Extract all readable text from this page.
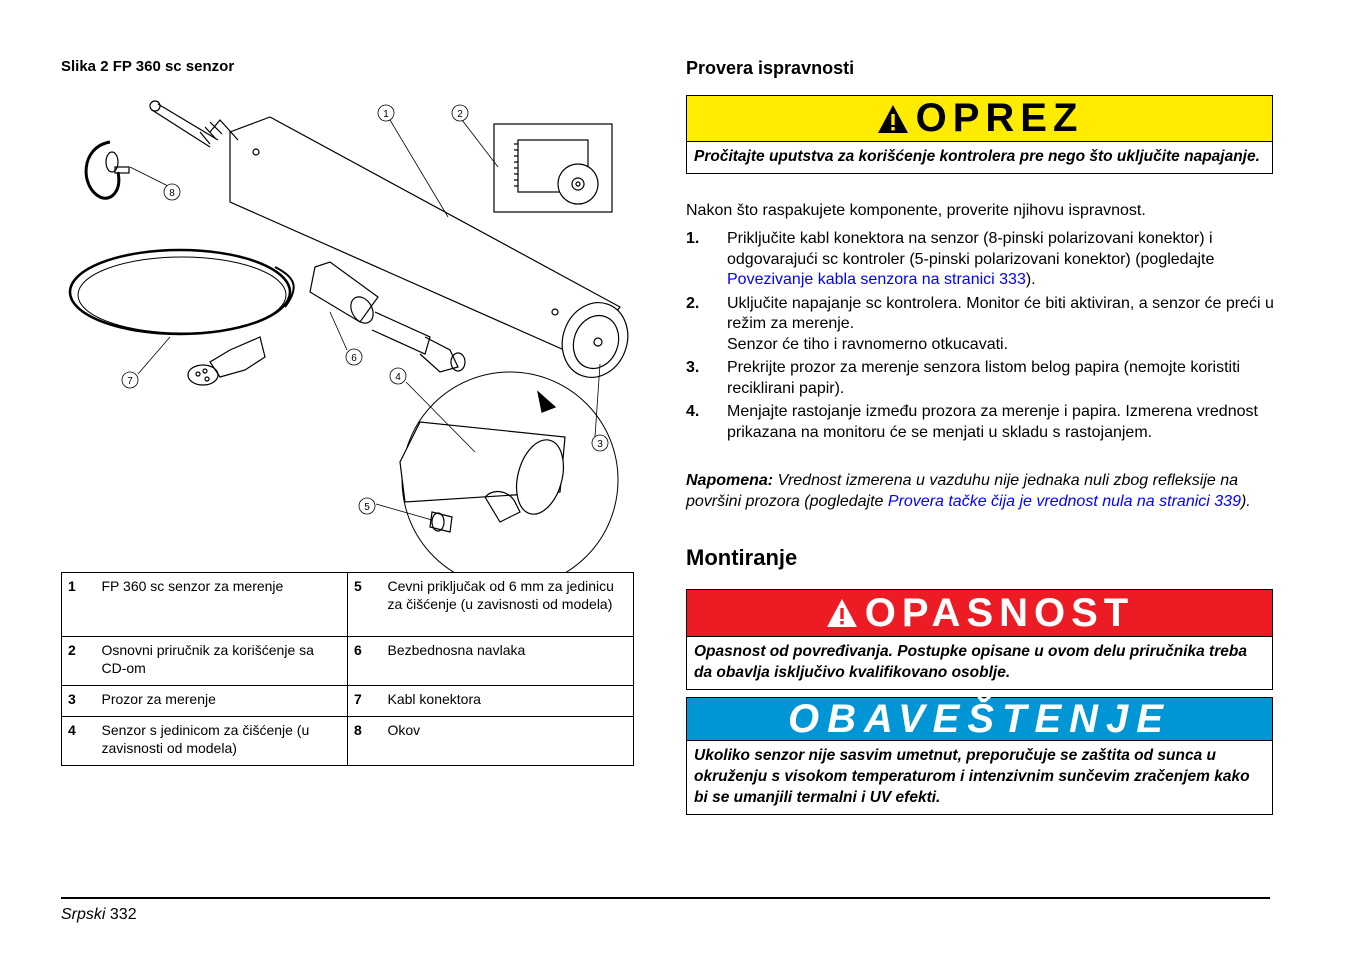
Slika 2 FP 360 sc senzor
1	2
3
4
5
6
7
8
1	FP 360 sc senzor za merenje	5	Cevni priključak od 6 mm za jedinicu za čišćenje (u zavisnosti od modela)
2	Osnovni priručnik za korišćenje sa CD-om	6	Bezbednosna navlaka
3	Prozor za merenje	7	Kabl konektora
4	Senzor s jedinicom za čišćenje (u zavisnosti od modela)	8	Okov
Provera ispravnosti
OPREZ
Pročitajte uputstva za korišćenje kontrolera pre nego što uključite napajanje.
Nakon što raspakujete komponente, proverite njihovu ispravnost.
1.	Priključite kabl konektora na senzor (8-pinski polarizovani konektor) i odgovarajući sc kontroler (5-pinski polarizovani konektor) (pogledajte Povezivanje kabla senzora na stranici 333).
2.	Uključite napajanje sc kontrolera. Monitor će biti aktiviran, a senzor će preći u režim za merenje.
Senzor će tiho i ravnomerno otkucavati.
3.	Prekrijte prozor za merenje senzora listom belog papira (nemojte koristiti reciklirani papir).
4.	Menjajte rastojanje između prozora za merenje i papira. Izmerena vrednost prikazana na monitoru će se menjati u skladu s rastojanjem.
Napomena: Vrednost izmerena u vazduhu nije jednaka nuli zbog refleksije na površini prozora (pogledajte Provera tačke čija je vrednost nula na stranici 339).
Montiranje
OPASNOST
Opasnost od povređivanja. Postupke opisane u ovom delu priručnika treba da obavlja isključivo kvalifikovano osoblje.
OBAVEŠTENJE
Ukoliko senzor nije sasvim umetnut, preporučuje se zaštita od sunca u okruženju s visokom temperaturom i intenzivnim sunčevim zračenjem kako bi se umanjili termalni i UV efekti.
Srpski 332
